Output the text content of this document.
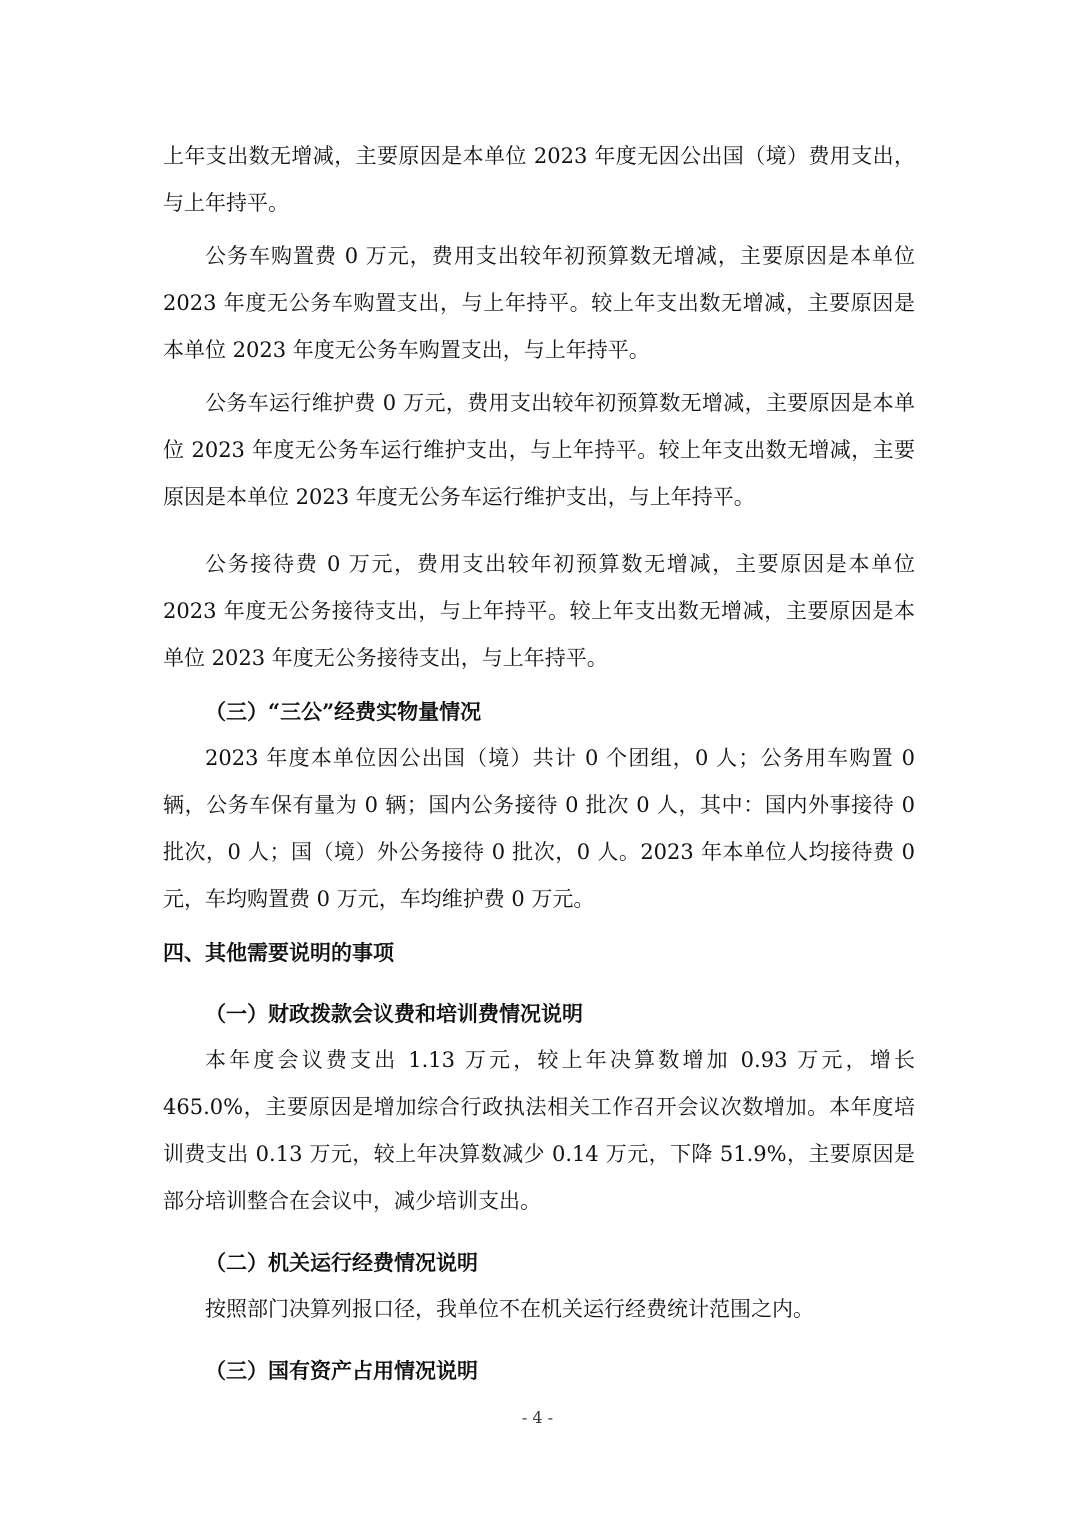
上年支出数无增减，主要原因是本单位 2023 年度无因公出国（境）费用支出，与上年持平。

公务车购置费 0 万元，费用支出较年初预算数无增减，主要原因是本单位 2023 年度无公务车购置支出，与上年持平。较上年支出数无增减，主要原因是本单位 2023 年度无公务车购置支出，与上年持平。

公务车运行维护费 0 万元，费用支出较年初预算数无增减，主要原因是本单位 2023 年度无公务车运行维护支出，与上年持平。较上年支出数无增减，主要原因是本单位 2023 年度无公务车运行维护支出，与上年持平。

公务接待费 0 万元，费用支出较年初预算数无增减，主要原因是本单位 2023 年度无公务接待支出，与上年持平。较上年支出数无增减，主要原因是本单位 2023 年度无公务接待支出，与上年持平。

（三）“三公”经费实物量情况

2023 年度本单位因公出国（境）共计 0 个团组，0 人；公务用车购置 0 辆，公务车保有量为 0 辆；国内公务接待 0 批次 0 人，其中：国内外事接待 0 批次，0 人；国（境）外公务接待 0 批次，0 人。2023 年本单位人均接待费 0 元，车均购置费 0 万元，车均维护费 0 万元。

四、其他需要说明的事项

（一）财政拨款会议费和培训费情况说明

本年度会议费支出 1.13 万元，较上年决算数增加 0.93 万元，增长 465.0%，主要原因是增加综合行政执法相关工作召开会议次数增加。本年度培训费支出 0.13 万元，较上年决算数减少 0.14 万元，下降 51.9%，主要原因是部分培训整合在会议中，减少培训支出。

（二）机关运行经费情况说明

按照部门决算列报口径，我单位不在机关运行经费统计范围之内。

（三）国有资产占用情况说明

- 4 -
